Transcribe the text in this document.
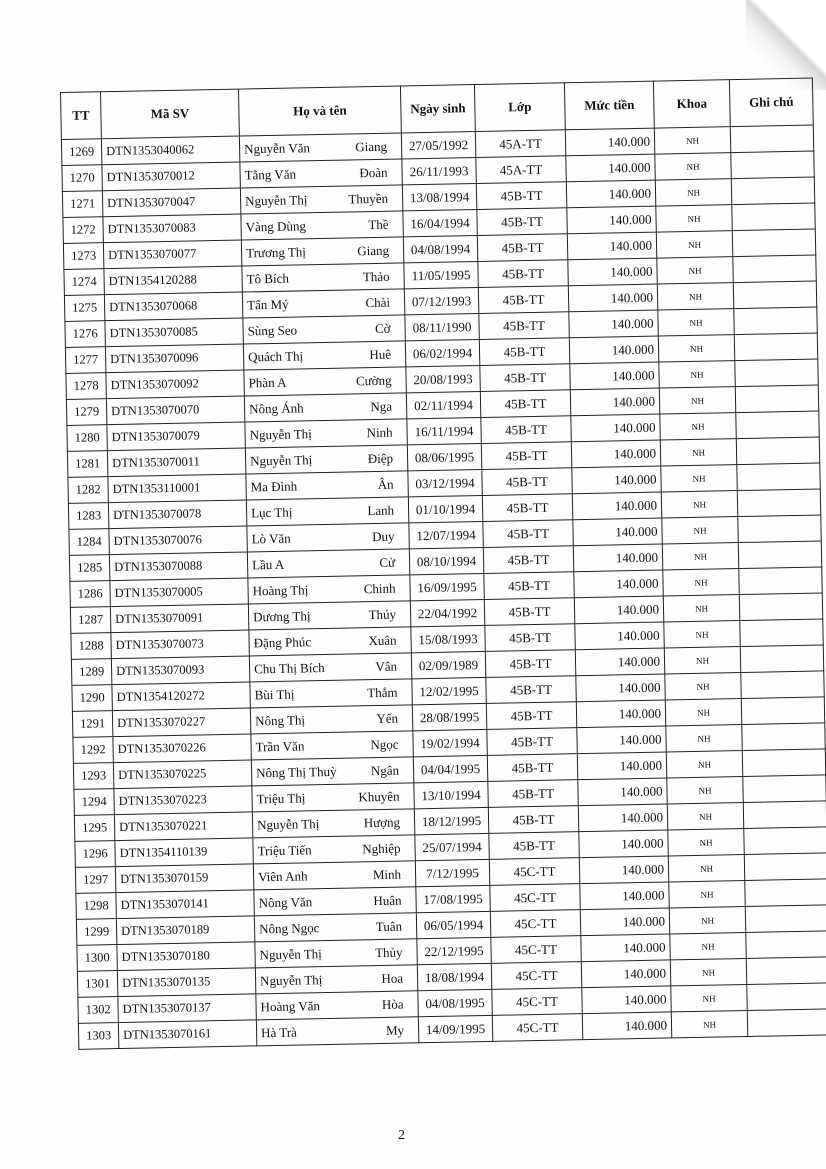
TT	Mã SV	Họ và tên	Ngày sinh	Lớp	Mức tiền	Khoa	Ghi chú
1269	DTN1353040062	Nguyễn Văn Giang	27/05/1992	45A-TT	140.000	NH	
1270	DTN1353070012	Tằng Văn Đoàn	26/11/1993	45A-TT	140.000	NH	
1271	DTN1353070047	Nguyễn Thị Thuyền	13/08/1994	45B-TT	140.000	NH	
1272	DTN1353070083	Vàng Dùng Thề	16/04/1994	45B-TT	140.000	NH	
1273	DTN1353070077	Trương Thị Giang	04/08/1994	45B-TT	140.000	NH	
1274	DTN1354120288	Tô Bích Thảo	11/05/1995	45B-TT	140.000	NH	
1275	DTN1353070068	Tẩn Mý Chài	07/12/1993	45B-TT	140.000	NH	
1276	DTN1353070085	Sùng Seo Cờ	08/11/1990	45B-TT	140.000	NH	
1277	DTN1353070096	Quách Thị Huê	06/02/1994	45B-TT	140.000	NH	
1278	DTN1353070092	Phàn A Cường	20/08/1993	45B-TT	140.000	NH	
1279	DTN1353070070	Nông Ánh Nga	02/11/1994	45B-TT	140.000	NH	
1280	DTN1353070079	Nguyễn Thị Ninh	16/11/1994	45B-TT	140.000	NH	
1281	DTN1353070011	Nguyễn Thị Điệp	08/06/1995	45B-TT	140.000	NH	
1282	DTN1353110001	Ma Đình Ân	03/12/1994	45B-TT	140.000	NH	
1283	DTN1353070078	Lục Thị Lanh	01/10/1994	45B-TT	140.000	NH	
1284	DTN1353070076	Lò Văn Duy	12/07/1994	45B-TT	140.000	NH	
1285	DTN1353070088	Lầu A Cử	08/10/1994	45B-TT	140.000	NH	
1286	DTN1353070005	Hoàng Thị Chinh	16/09/1995	45B-TT	140.000	NH	
1287	DTN1353070091	Dương Thị Thúy	22/04/1992	45B-TT	140.000	NH	
1288	DTN1353070073	Đặng Phúc Xuân	15/08/1993	45B-TT	140.000	NH	
1289	DTN1353070093	Chu Thị Bích Vân	02/09/1989	45B-TT	140.000	NH	
1290	DTN1354120272	Bùi Thị Thắm	12/02/1995	45B-TT	140.000	NH	
1291	DTN1353070227	Nông Thị Yến	28/08/1995	45B-TT	140.000	NH	
1292	DTN1353070226	Trần Văn Ngọc	19/02/1994	45B-TT	140.000	NH	
1293	DTN1353070225	Nông Thị Thuỳ Ngân	04/04/1995	45B-TT	140.000	NH	
1294	DTN1353070223	Triệu Thị Khuyên	13/10/1994	45B-TT	140.000	NH	
1295	DTN1353070221	Nguyễn Thị Hượng	18/12/1995	45B-TT	140.000	NH	
1296	DTN1354110139	Triệu Tiến Nghiệp	25/07/1994	45B-TT	140.000	NH	
1297	DTN1353070159	Viên Anh Minh	7/12/1995	45C-TT	140.000	NH	
1298	DTN1353070141	Nông Văn Huân	17/08/1995	45C-TT	140.000	NH	
1299	DTN1353070189	Nông Ngọc Tuân	06/05/1994	45C-TT	140.000	NH	
1300	DTN1353070180	Nguyễn Thị Thủy	22/12/1995	45C-TT	140.000	NH	
1301	DTN1353070135	Nguyễn Thị Hoa	18/08/1994	45C-TT	140.000	NH	
1302	DTN1353070137	Hoàng Văn Hòa	04/08/1995	45C-TT	140.000	NH	
1303	DTN1353070161	Hà Trà My	14/09/1995	45C-TT	140.000	NH	
2
